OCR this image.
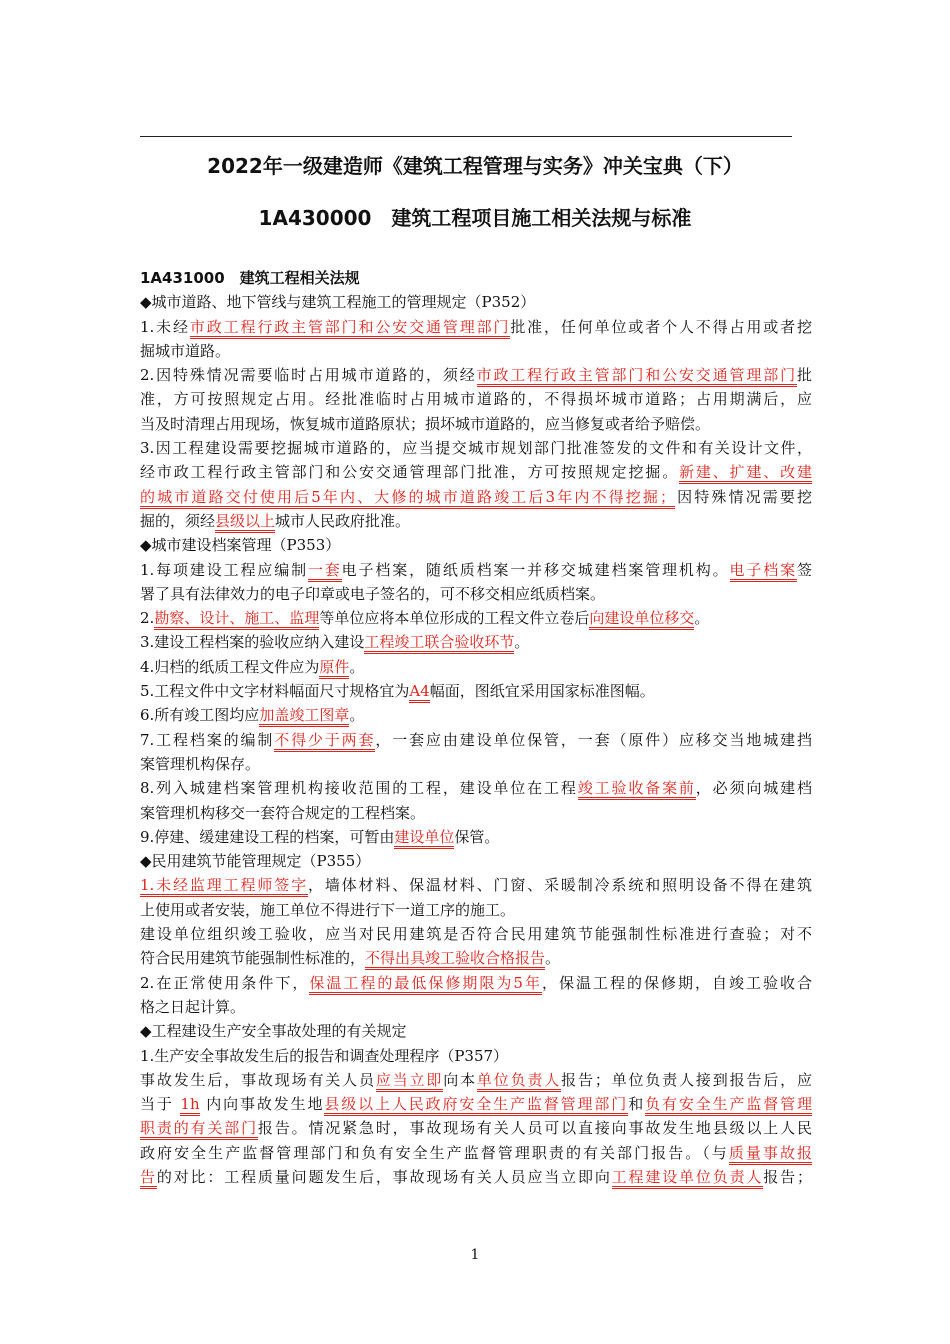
2022年一级建造师《建筑工程管理与实务》冲关宝典（下）
1A430000　建筑工程项目施工相关法规与标准
1A431000　建筑工程相关法规
◆城市道路、地下管线与建筑工程施工的管理规定（P352）
1.未经市政工程行政主管部门和公安交通管理部门批准，任何单位或者个人不得占用或者挖
掘城市道路。
2.因特殊情况需要临时占用城市道路的，须经市政工程行政主管部门和公安交通管理部门批
准，方可按照规定占用。经批准临时占用城市道路的，不得损坏城市道路；占用期满后，应
当及时清理占用现场，恢复城市道路原状；损坏城市道路的，应当修复或者给予赔偿。
3.因工程建设需要挖掘城市道路的，应当提交城市规划部门批准签发的文件和有关设计文件，
经市政工程行政主管部门和公安交通管理部门批准，方可按照规定挖掘。新建、扩建、改建
的城市道路交付使用后5年内、大修的城市道路竣工后3年内不得挖掘；因特殊情况需要挖
掘的，须经县级以上城市人民政府批准。
◆城市建设档案管理（P353）
1.每项建设工程应编制一套电子档案，随纸质档案一并移交城建档案管理机构。电子档案签
署了具有法律效力的电子印章或电子签名的，可不移交相应纸质档案。
2.勘察、设计、施工、监理等单位应将本单位形成的工程文件立卷后向建设单位移交。
3.建设工程档案的验收应纳入建设工程竣工联合验收环节。
4.归档的纸质工程文件应为原件。
5.工程文件中文字材料幅面尺寸规格宜为A4幅面，图纸宜采用国家标准图幅。
6.所有竣工图均应加盖竣工图章。
7.工程档案的编制不得少于两套，一套应由建设单位保管，一套（原件）应移交当地城建挡
案管理机构保存。
8.列入城建档案管理机构接收范围的工程，建设单位在工程竣工验收备案前，必须向城建档
案管理机构移交一套符合规定的工程档案。
9.停建、缓建建设工程的档案，可暂由建设单位保管。
◆民用建筑节能管理规定（P355）
1.未经监理工程师签字，墙体材料、保温材料、门窗、采暖制冷系统和照明设备不得在建筑
上使用或者安装，施工单位不得进行下一道工序的施工。
建设单位组织竣工验收，应当对民用建筑是否符合民用建筑节能强制性标准进行查验；对不
符合民用建筑节能强制性标准的，不得出具竣工验收合格报告。
2.在正常使用条件下，保温工程的最低保修期限为5年，保温工程的保修期，自竣工验收合
格之日起计算。
◆工程建设生产安全事故处理的有关规定
1.生产安全事故发生后的报告和调查处理程序（P357）
事故发生后，事故现场有关人员应当立即向本单位负责人报告；单位负责人接到报告后，应
当于 1h 内向事故发生地县级以上人民政府安全生产监督管理部门和负有安全生产监督管理
职责的有关部门报告。情况紧急时，事故现场有关人员可以直接向事故发生地县级以上人民
政府安全生产监督管理部门和负有安全生产监督管理职责的有关部门报告。（与质量事故报
告的对比：工程质量问题发生后，事故现场有关人员应当立即向工程建设单位负责人报告；
1
